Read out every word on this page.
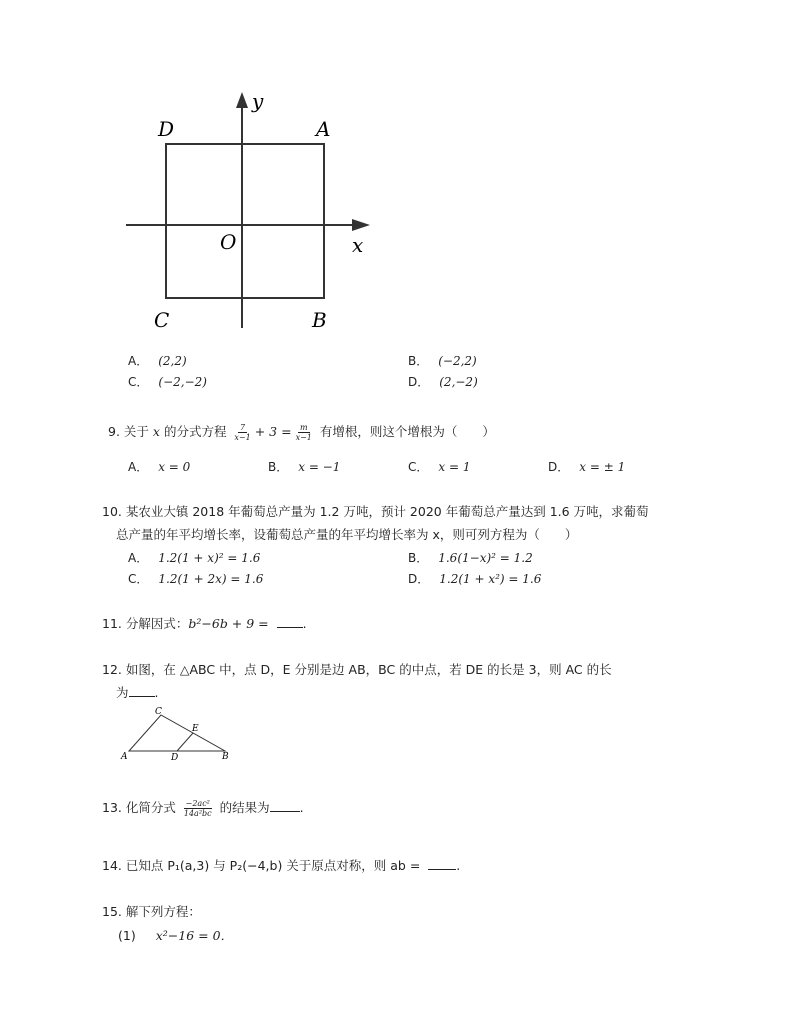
y
x
O
A
D
C	B
A． (2,2)	B． (−2,2)
C． (−2,−2)	D． (2,−2)
9. 关于 x 的分式方程 $\frac{7}{x-1} + 3 = \frac{m}{x-1}$ 有增根，则这个增根为（　　）
A． x = 0	B． x = −1	C． x = 1	D． x = ± 1
10. 某农业大镇 2018 年葡萄总产量为 1.2 万吨，预计 2020 年葡萄总产量达到 1.6 万吨，求葡萄
总产量的年平均增长率，设葡萄总产量的年平均增长率为 x，则可列方程为（　　）
A． 1.2(1 + x)² = 1.6	B． 1.6(1−x)² = 1.2
C． 1.2(1 + 2x) = 1.6	D． 1.2(1 + x²) = 1.6
11. 分解因式：b²−6b + 9 =	.
12. 如图，在 △ABC 中，点 D，E 分别是边 AB，BC 的中点，若 DE 的长是 3，则 AC 的长
为 .
C
E
A	D	B
13. 化简分式 $\frac{\text{−2ac²}}{\text{14a²bc}}$ 的结果为 .
14. 已知点 P₁(a,3) 与 P₂(−4,b) 关于原点对称，则 ab =	.
15. 解下列方程：
(1) x²−16 = 0．
